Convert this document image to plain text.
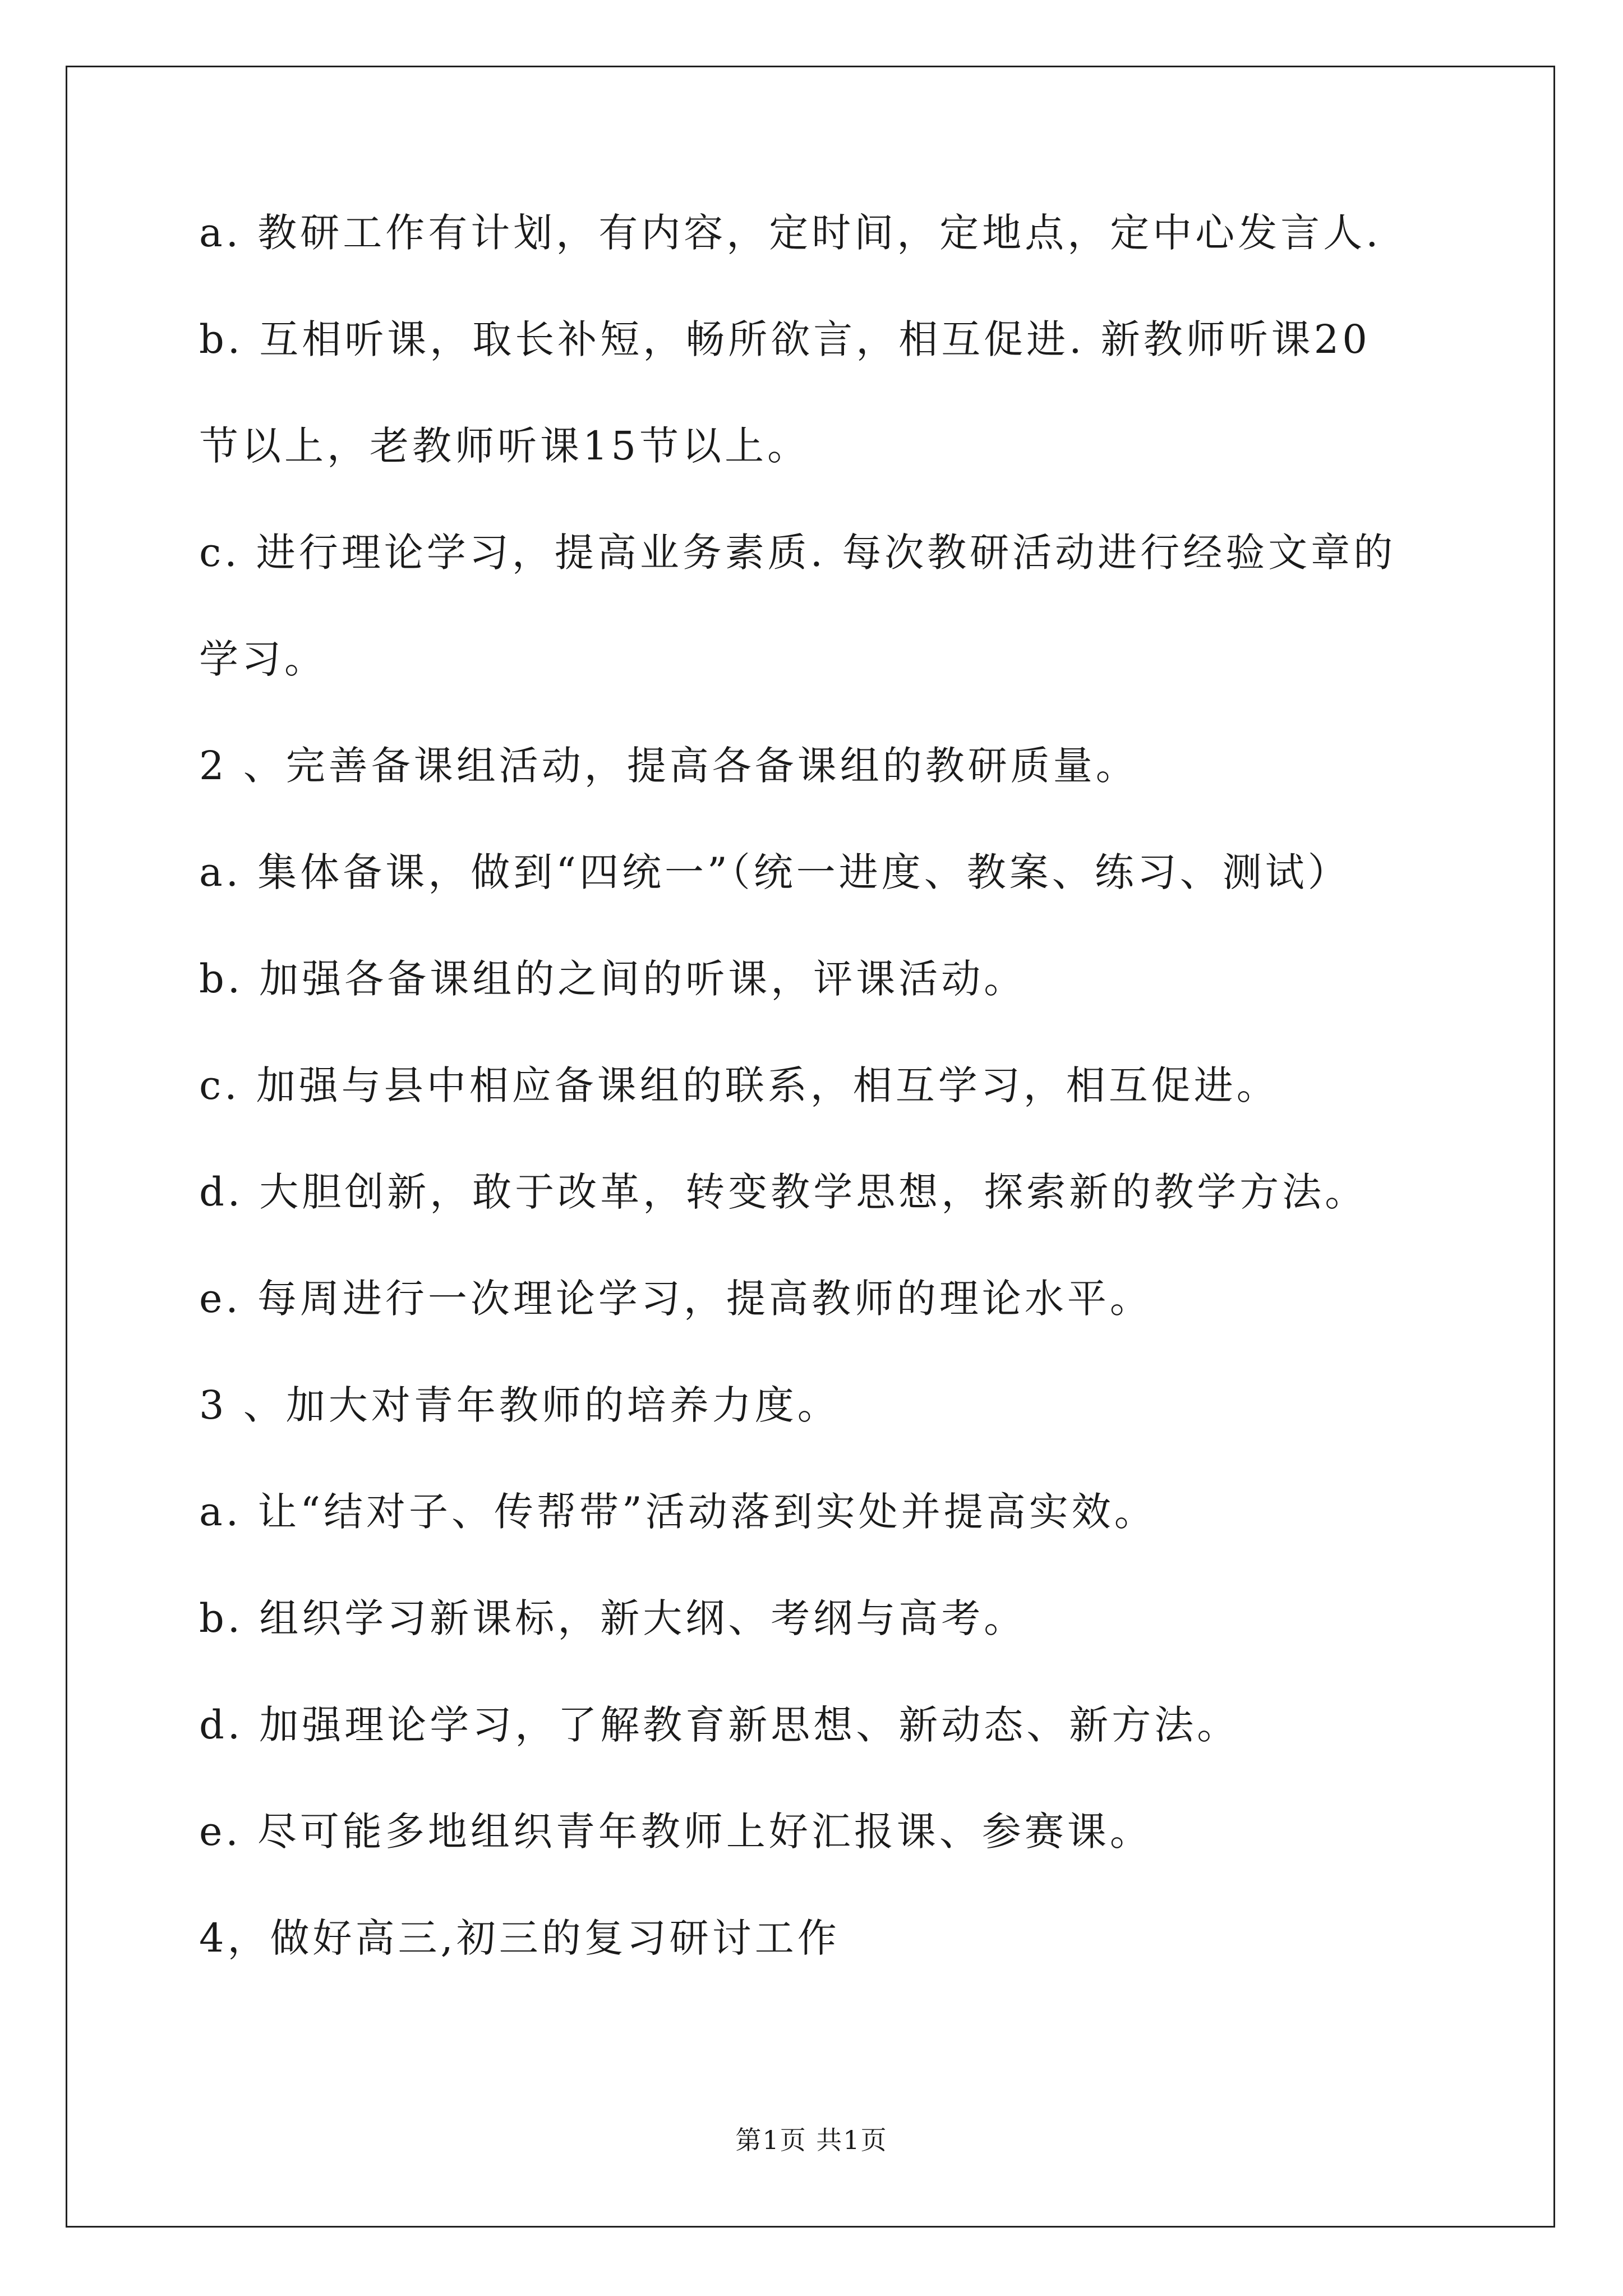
a. 教研工作有计划，有内容，定时间，定地点，定中心发言人.
b. 互相听课，取长补短，畅所欲言，相互促进. 新教师听课20
节以上，老教师听课15节以上。
c. 进行理论学习，提高业务素质. 每次教研活动进行经验文章的
学习。
2 、完善备课组活动，提高各备课组的教研质量。
a. 集体备课，做到“四统一”（统一进度、教案、练习、测试）
b. 加强各备课组的之间的听课，评课活动。
c. 加强与县中相应备课组的联系，相互学习，相互促进。
d. 大胆创新，敢于改革，转变教学思想，探索新的教学方法。
e. 每周进行一次理论学习，提高教师的理论水平。
3 、加大对青年教师的培养力度。
a. 让“结对子、传帮带”活动落到实处并提高实效。
b. 组织学习新课标，新大纲、考纲与高考。
d. 加强理论学习，了解教育新思想、新动态、新方法。
e. 尽可能多地组织青年教师上好汇报课、参赛课。
4，做好高三,初三的复习研讨工作
第1页 共1页
